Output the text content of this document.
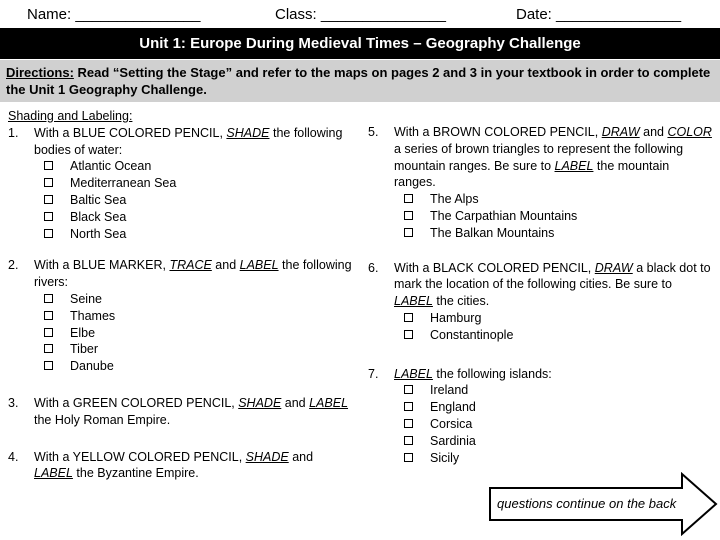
Name: _______________	Class: _______________	Date: _______________
Unit 1: Europe During Medieval Times – Geography Challenge
Directions: Read “Setting the Stage” and refer to the maps on pages 2 and 3 in your textbook in order to complete the Unit 1 Geography Challenge.
Shading and Labeling:
1. With a BLUE COLORED PENCIL, SHADE the following bodies of water:
Atlantic Ocean
Mediterranean Sea
Baltic Sea
Black Sea
North Sea
2. With a BLUE MARKER, TRACE and LABEL the following rivers:
Seine
Thames
Elbe
Tiber
Danube
3. With a GREEN COLORED PENCIL, SHADE and LABEL the Holy Roman Empire.
4. With a YELLOW COLORED PENCIL, SHADE and LABEL the Byzantine Empire.
5. With a BROWN COLORED PENCIL, DRAW and COLOR a series of brown triangles to represent the following mountain ranges. Be sure to LABEL the mountain ranges.
The Alps
The Carpathian Mountains
The Balkan Mountains
6. With a BLACK COLORED PENCIL, DRAW a black dot to mark the location of the following cities. Be sure to LABEL the cities.
Hamburg
Constantinople
7. LABEL the following islands:
Ireland
England
Corsica
Sardinia
Sicily
questions continue on the back
